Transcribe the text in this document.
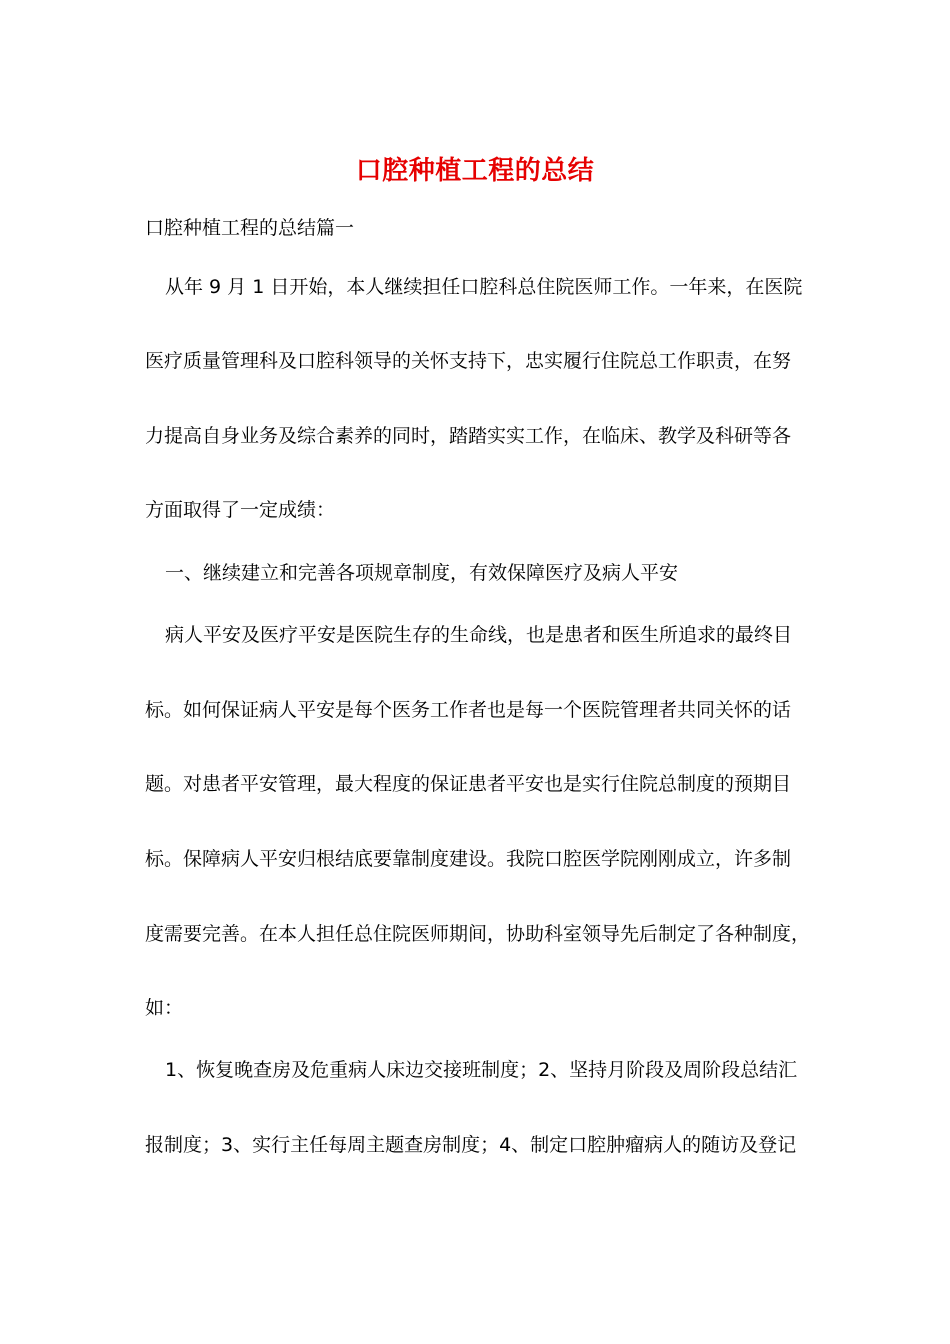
口腔种植工程的总结
口腔种植工程的总结篇一
从年 9 月 1 日开始，本人继续担任口腔科总住院医师工作。一年来，在医院
医疗质量管理科及口腔科领导的关怀支持下，忠实履行住院总工作职责，在努
力提高自身业务及综合素养的同时，踏踏实实工作，在临床、教学及科研等各
方面取得了一定成绩：
一、继续建立和完善各项规章制度，有效保障医疗及病人平安
病人平安及医疗平安是医院生存的生命线，也是患者和医生所追求的最终目
标。如何保证病人平安是每个医务工作者也是每一个医院管理者共同关怀的话
题。对患者平安管理，最大程度的保证患者平安也是实行住院总制度的预期目
标。保障病人平安归根结底要靠制度建设。我院口腔医学院刚刚成立，许多制
度需要完善。在本人担任总住院医师期间，协助科室领导先后制定了各种制度，
如：
1、恢复晚查房及危重病人床边交接班制度；2、坚持月阶段及周阶段总结汇
报制度；3、实行主任每周主题查房制度；4、制定口腔肿瘤病人的随访及登记
